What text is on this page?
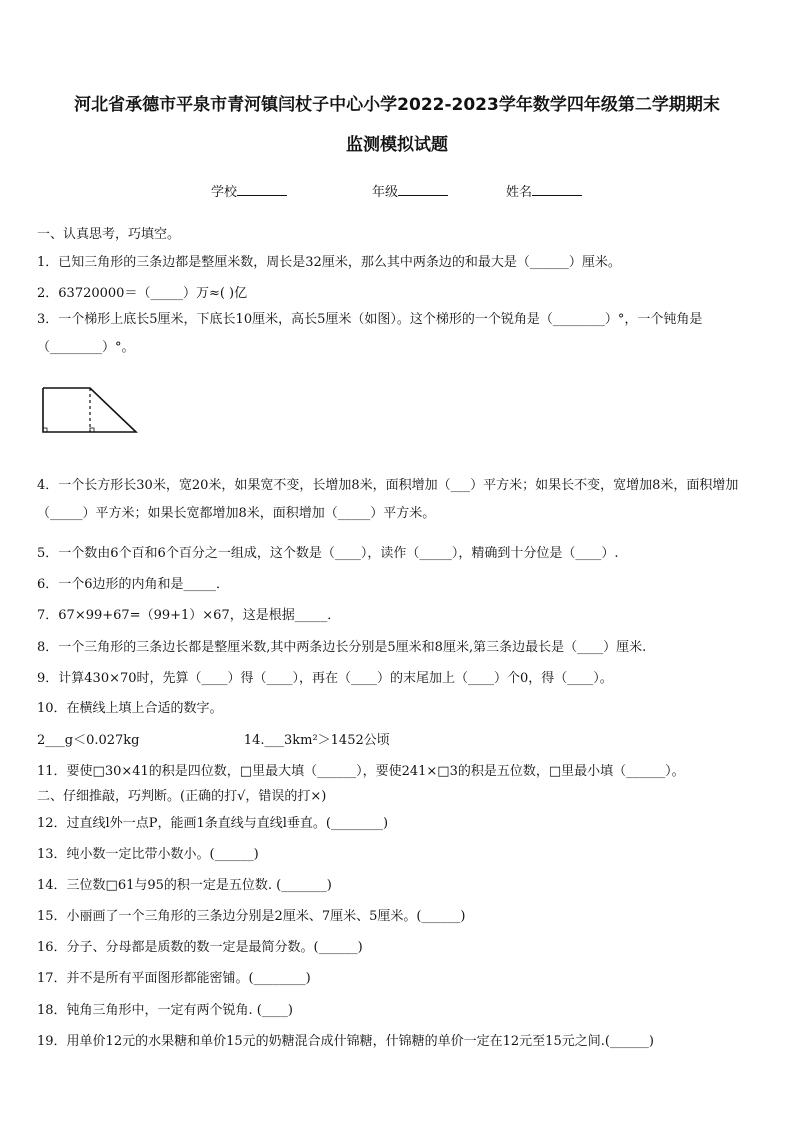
河北省承德市平泉市青河镇闫杖子中心小学2022-2023学年数学四年级第二学期期末
监测模拟试题
学校	年级	姓名
一、认真思考，巧填空。
1．已知三角形的三条边都是整厘米数，周长是32厘米，那么其中两条边的和最大是（______）厘米。
2．63720000＝（_____）万≈( )亿
3．一个梯形上底长5厘米，下底长10厘米，高长5厘米（如图）。这个梯形的一个锐角是（________）°，一个钝角是（________）°。
4．一个长方形长30米，宽20米，如果宽不变，长增加8米，面积增加（___）平方米；如果长不变，宽增加8米，面积增加（_____）平方米；如果长宽都增加8米，面积增加（_____）平方米。
5．一个数由6个百和6个百分之一组成，这个数是（____），读作（_____），精确到十分位是（____）.
6．一个6边形的内角和是_____．
7．67×99+67=（99+1）×67，这是根据_____．
8．一个三角形的三条边长都是整厘米数,其中两条边长分别是5厘米和8厘米,第三条边最长是（____）厘米.
9．计算430×70时，先算（____）得（____），再在（____）的末尾加上（____）个0，得（____）。
10．在横线上填上合适的数字。
2___g＜0.027kg	14.___3km²＞1452公顷
11．要使□30×41的积是四位数，□里最大填（______），要使241×□3的积是五位数，□里最小填（______）。
二、仔细推敲，巧判断。(正确的打√，错误的打×)
12．过直线l外一点P，能画1条直线与直线l垂直。(________)
13．纯小数一定比带小数小。(______)
14．三位数□61与95的积一定是五位数. (_______)
15．小丽画了一个三角形的三条边分别是2厘米、7厘米、5厘米。(______)
16．分子、分母都是质数的数一定是最简分数。(______)
17．并不是所有平面图形都能密铺。(________)
18．钝角三角形中，一定有两个锐角. (____)
19．用单价12元的水果糖和单价15元的奶糖混合成什锦糖，什锦糖的单价一定在12元至15元之间.(______)
